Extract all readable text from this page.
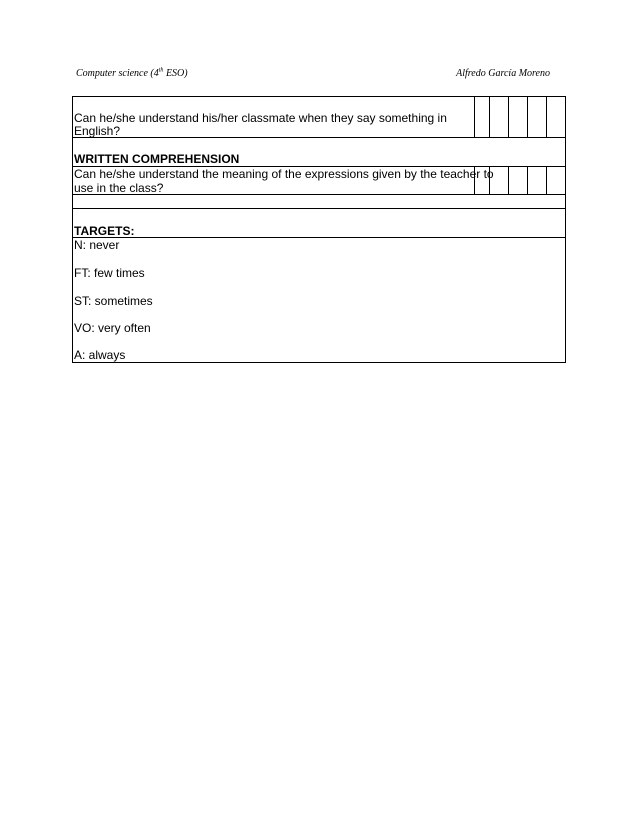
Computer science (4th ESO)	Alfredo García Moreno
Can he/she understand his/her classmate when they say something in
English?
WRITTEN COMPREHENSION
Can he/she understand the meaning of the expressions given by the teacher to
use in the class?
TARGETS:
N: never
FT: few times
ST: sometimes
VO: very often
A: always
